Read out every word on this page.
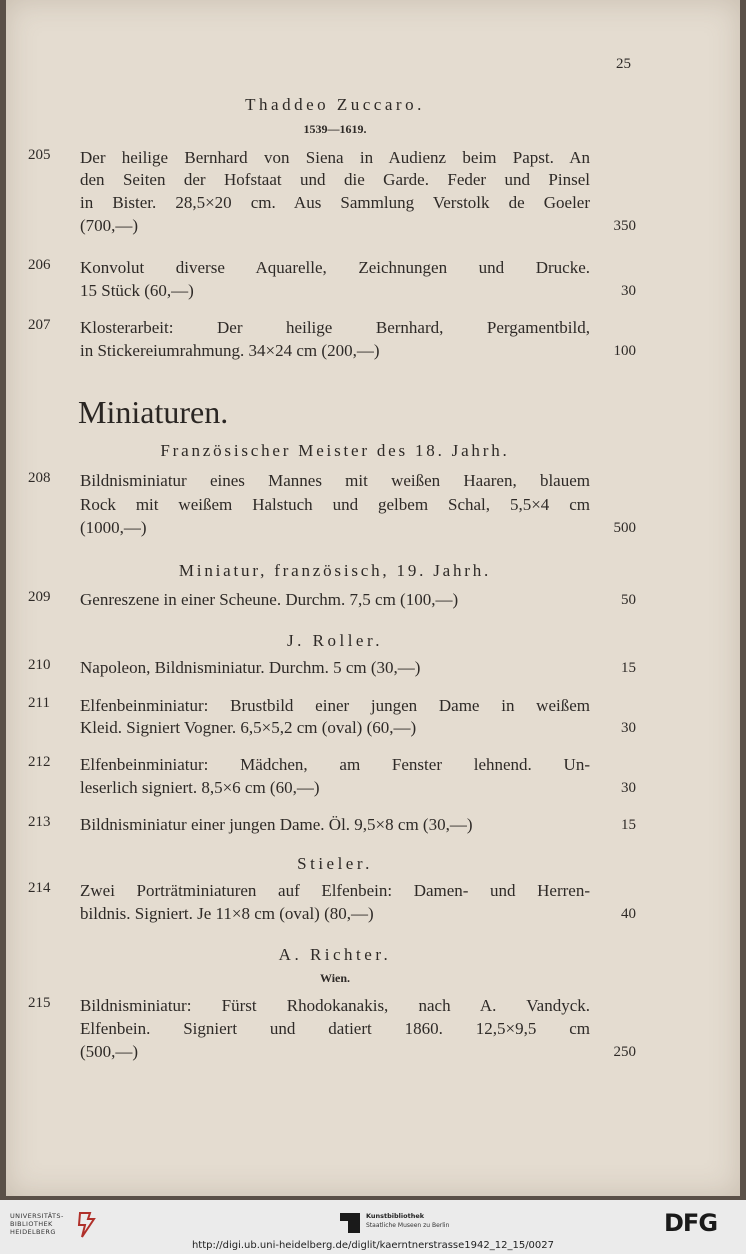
25
Thaddeo Zuccaro.
1539—1619.
205 Der heilige Bernhard von Siena in Audienz beim Papst. An
den Seiten der Hofstaat und die Garde. Feder und Pinsel
in Bister. 28,5×20 cm. Aus Sammlung Verstolk de Goeler
(700,—)	350
206 Konvolut diverse Aquarelle, Zeichnungen und Drucke.
15 Stück (60,—)	30
207 Klosterarbeit: Der heilige Bernhard, Pergamentbild,
in Stickereiumrahmung. 34×24 cm (200,—)	100
Miniaturen.
Französischer Meister des 18. Jahrh.
208 Bildnisminiatur eines Mannes mit weißen Haaren, blauem
Rock mit weißem Halstuch und gelbem Schal, 5,5×4 cm
(1000,—)	500
Miniatur, französisch, 19. Jahrh.
209 Genreszene in einer Scheune. Durchm. 7,5 cm (100,—)	50
J. Roller.
210 Napoleon, Bildnisminiatur. Durchm. 5 cm (30,—)	15
211 Elfenbeinminiatur: Brustbild einer jungen Dame in weißem
Kleid. Signiert Vogner. 6,5×5,2 cm (oval) (60,—)	30
212 Elfenbeinminiatur: Mädchen, am Fenster lehnend. Un-
leserlich signiert. 8,5×6 cm (60,—)	30
213 Bildnisminiatur einer jungen Dame. Öl. 9,5×8 cm (30,—)	15
Stieler.
214 Zwei Porträtminiaturen auf Elfenbein: Damen- und Herren-
bildnis. Signiert. Je 11×8 cm (oval) (80,—)	40
A. Richter.
Wien.
215 Bildnisminiatur: Fürst Rhodokanakis, nach A. Vandyck.
Elfenbein. Signiert und datiert 1860. 12,5×9,5 cm
(500,—)	250
UNIVERSITÄTS-
BIBLIOTHEK
HEIDELBERG
Kunstbibliothek
Staatliche Museen zu Berlin	DFG
http://digi.ub.uni-heidelberg.de/diglit/kaerntnerstrasse1942_12_15/0027
